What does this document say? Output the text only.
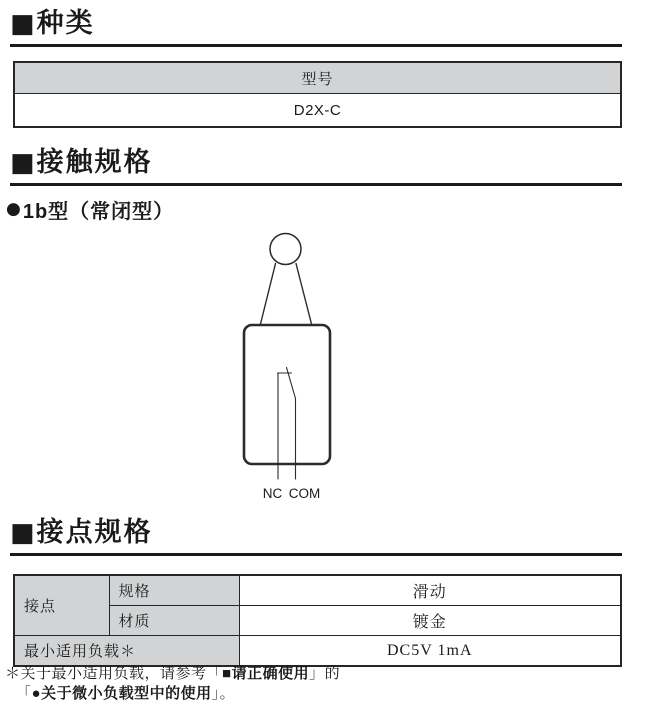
■ 种类
型号
D2X-C
■ 接触规格
● 1b型（常闭型）
NC COM
■ 接点规格
接点	规格	滑动
	材质	镀金
最小适用负载＊		DC5V 1mA
＊关于最小适用负载，请参考「■请正确使用」的
「●关于微小负载型中的使用」。
